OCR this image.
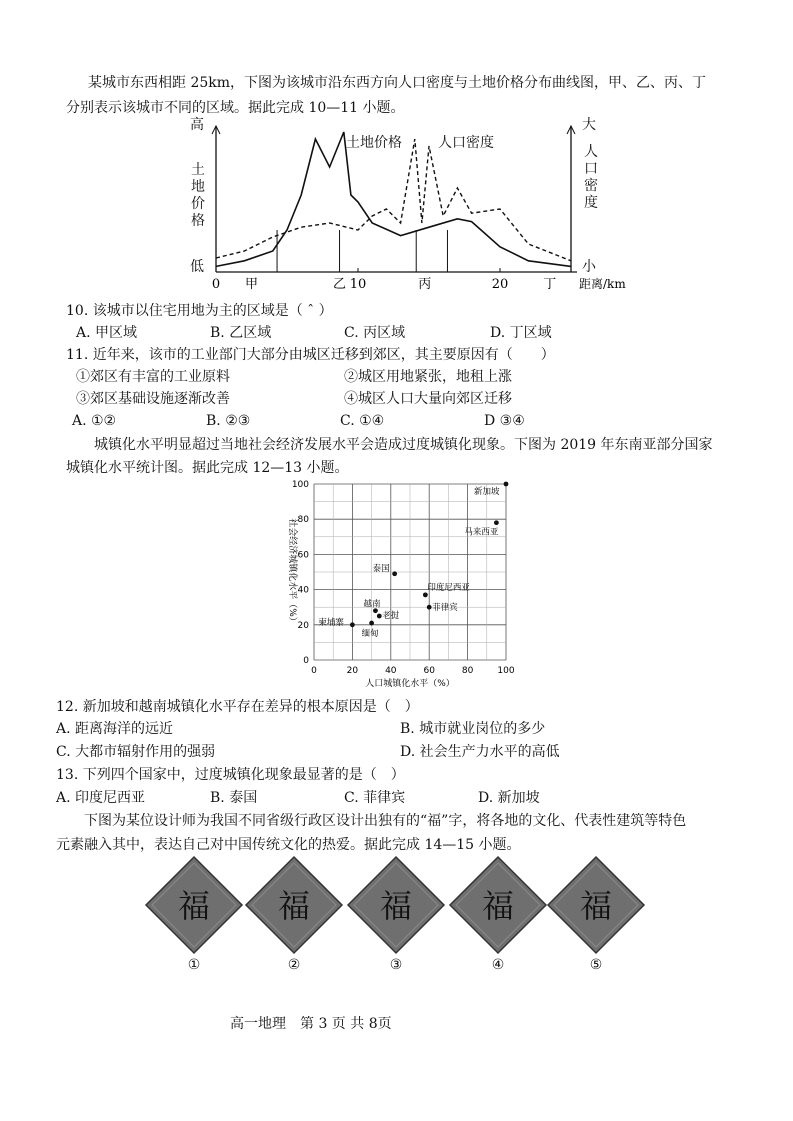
某城市东西相距 25km，下图为该城市沿东西方向人口密度与土地价格分布曲线图，甲、乙、丙、丁
分别表示该城市不同的区域。据此完成 10—11 小题。
0 甲	乙 10	丙	20	丁 距离/km
高
土地价格
低
大
人口密度
小
土地价格	人口密度
10. 该城市以住宅用地为主的区域是（ ˆ ）
A. 甲区域	B. 乙区域	C. 丙区域	D. 丁区域
11. 近年来，该市的工业部门大部分由城区迁移到郊区，其主要原因有（　　）
①郊区有丰富的工业原料	②城区用地紧张，地租上涨
③郊区基础设施逐渐改善	④城区人口大量向郊区迁移
A. ①②	B. ②③	C. ①④	D ③④
城镇化水平明显超过当地社会经济发展水平会造成过度城镇化现象。下图为 2019 年东南亚部分国家
城镇化水平统计图。据此完成 12—13 小题。
0	20	40	60	80	100
0
20
40
60
80
100
人口城镇化水平（%）
社会经济城镇化水平（%）
新加坡
马来西亚
泰国
印度尼西亚
菲律宾
越南
老挝
缅甸
柬埔寨
12. 新加坡和越南城镇化水平存在差异的根本原因是（　）
A. 距离海洋的远近	B. 城市就业岗位的多少
C. 大都市辐射作用的强弱	D. 社会生产力水平的高低
13. 下列四个国家中，过度城镇化现象最显著的是（　）
A. 印度尼西亚	B. 泰国	C. 菲律宾	D. 新加坡
下图为某位设计师为我国不同省级行政区设计出独有的“福”字，将各地的文化、代表性建筑等特色
元素融入其中，表达自己对中国传统文化的热爱。据此完成 14—15 小题。
福
①
福
②
福
③
福
④
福
⑤
高一地理　第 3 页 共 8页
